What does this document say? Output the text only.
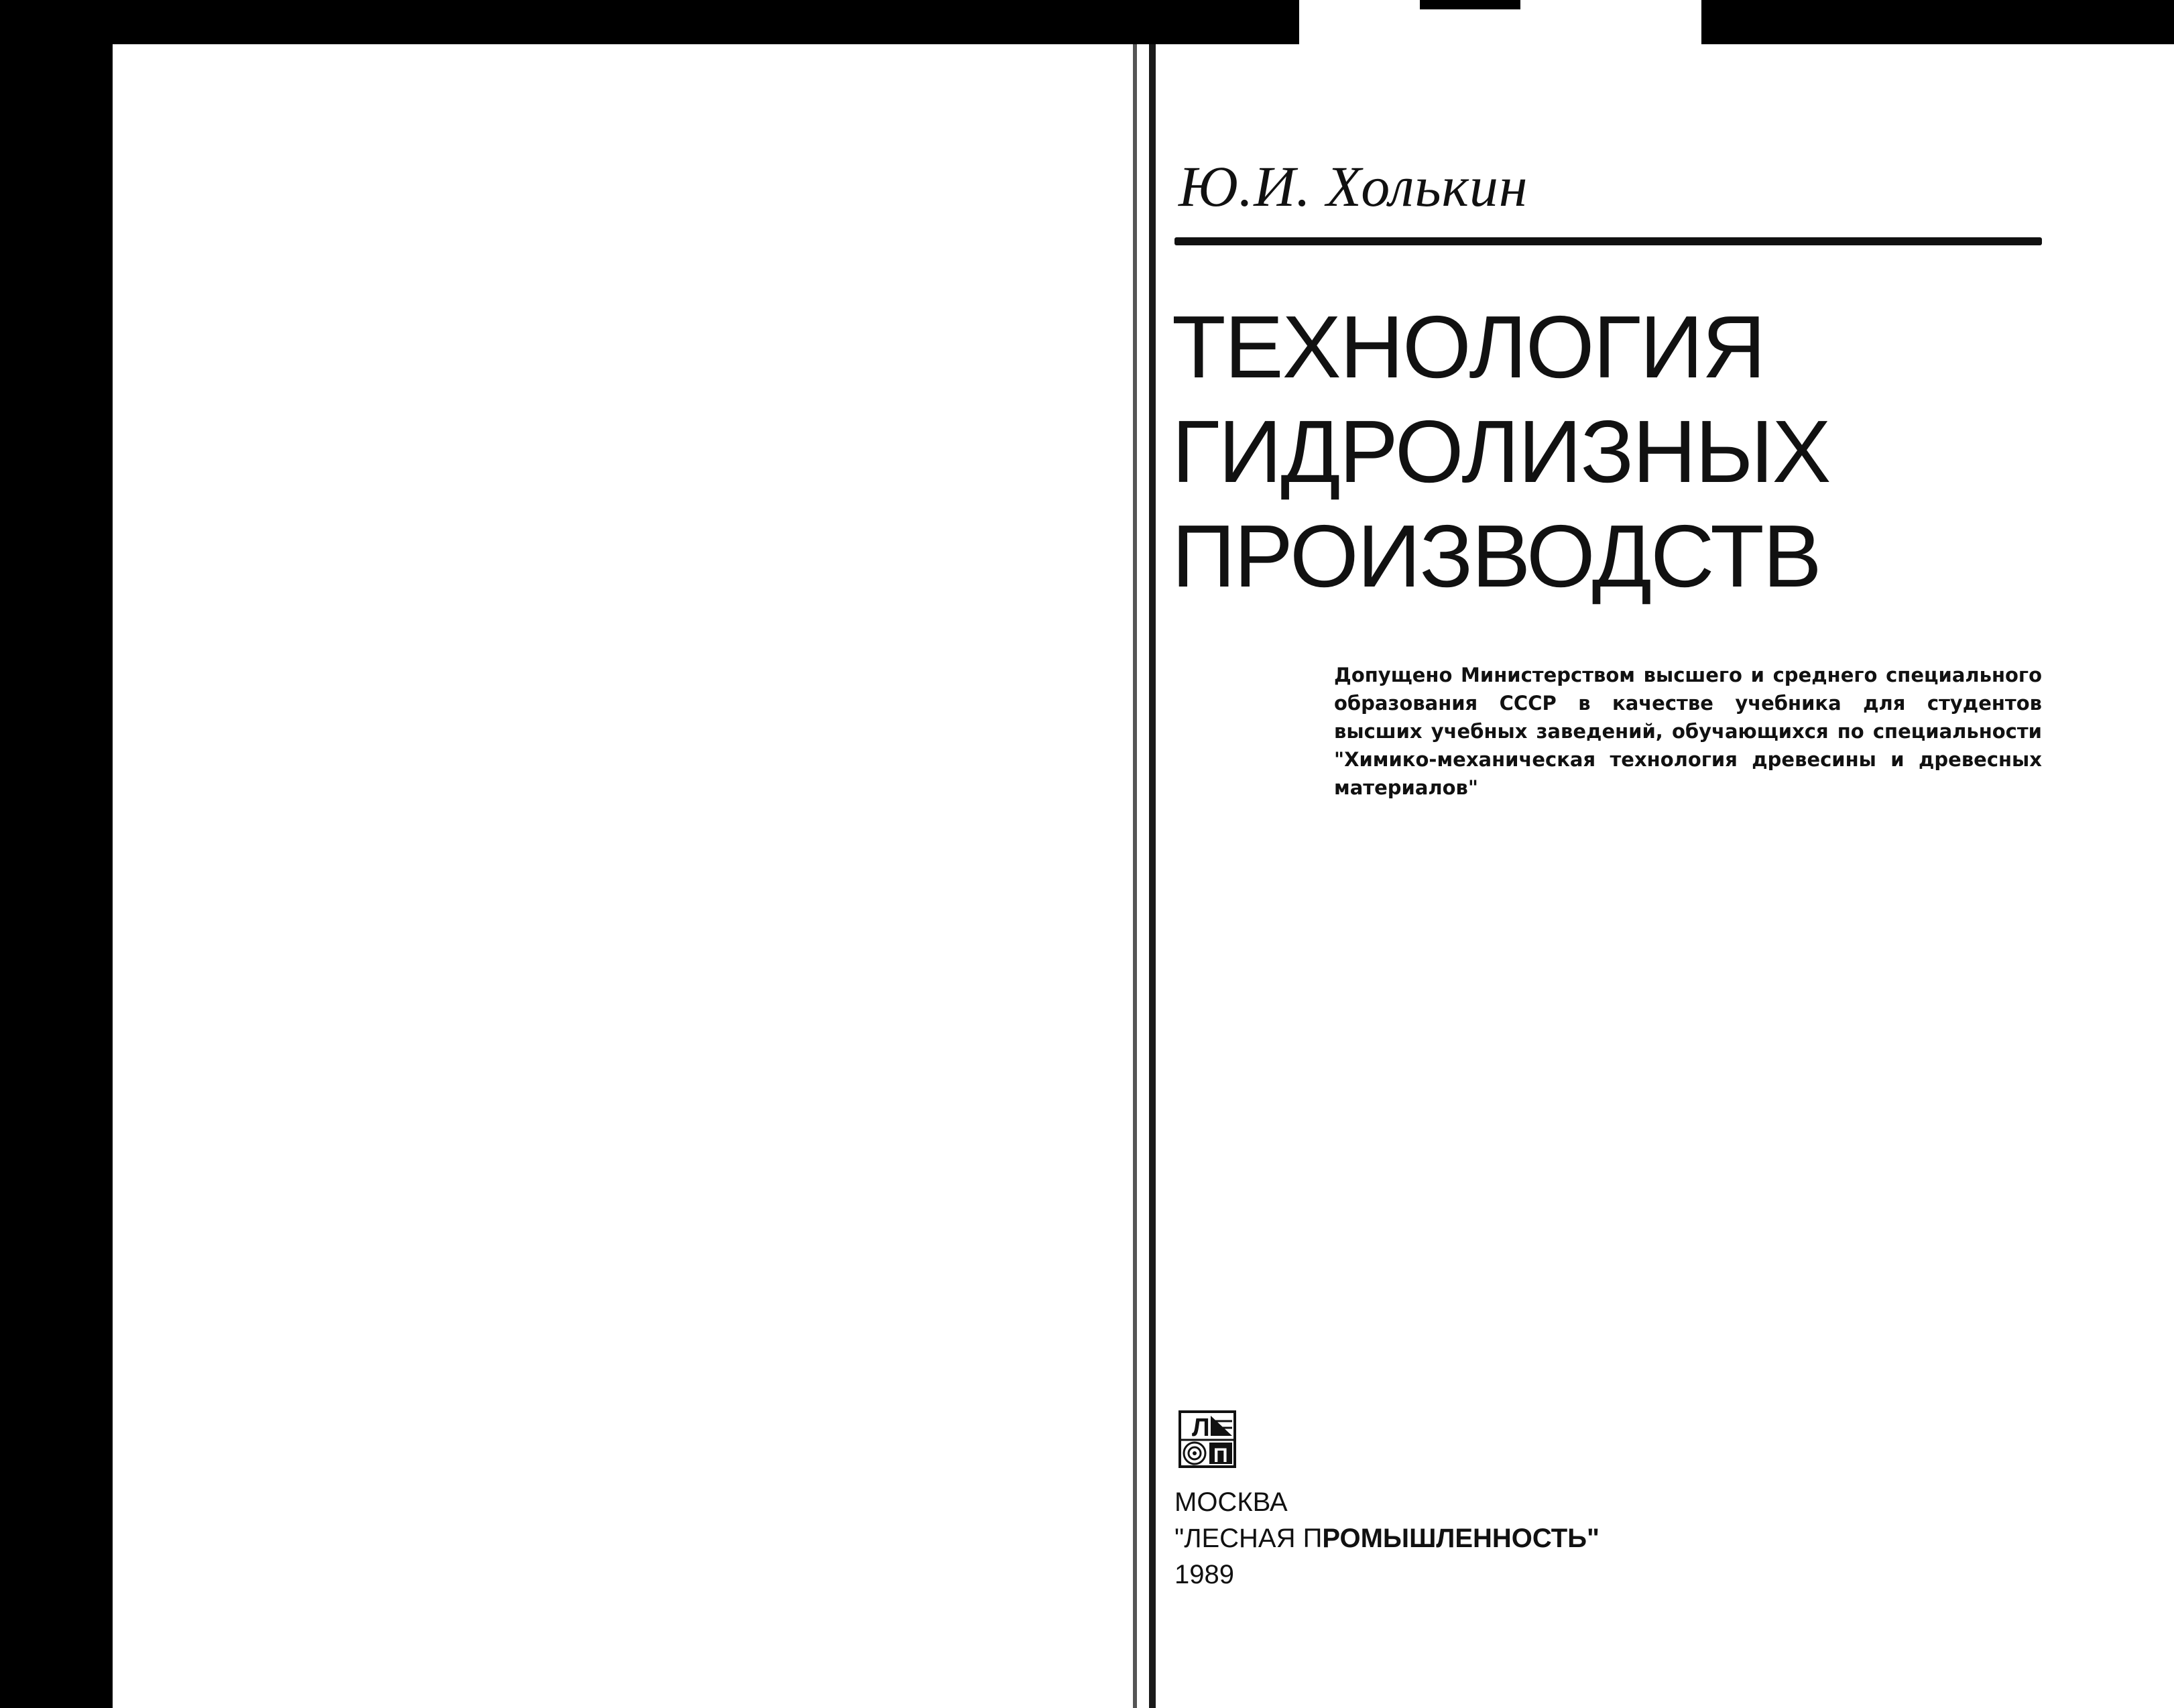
Ю.И. Холькин
ТЕХНОЛОГИЯ
ГИДРОЛИЗНЫХ
ПРОИЗВОДСТВ
Допущено Министерством высшего и среднего специального образования СССР в качестве учебника для студентов высших учебных заведений, обучающихся по специальности "Химико-механическая технология древесины и древесных материалов"
Л
П
МОСКВА
"ЛЕСНАЯ ПРОМЫШЛЕННОСТЬ"
1989
